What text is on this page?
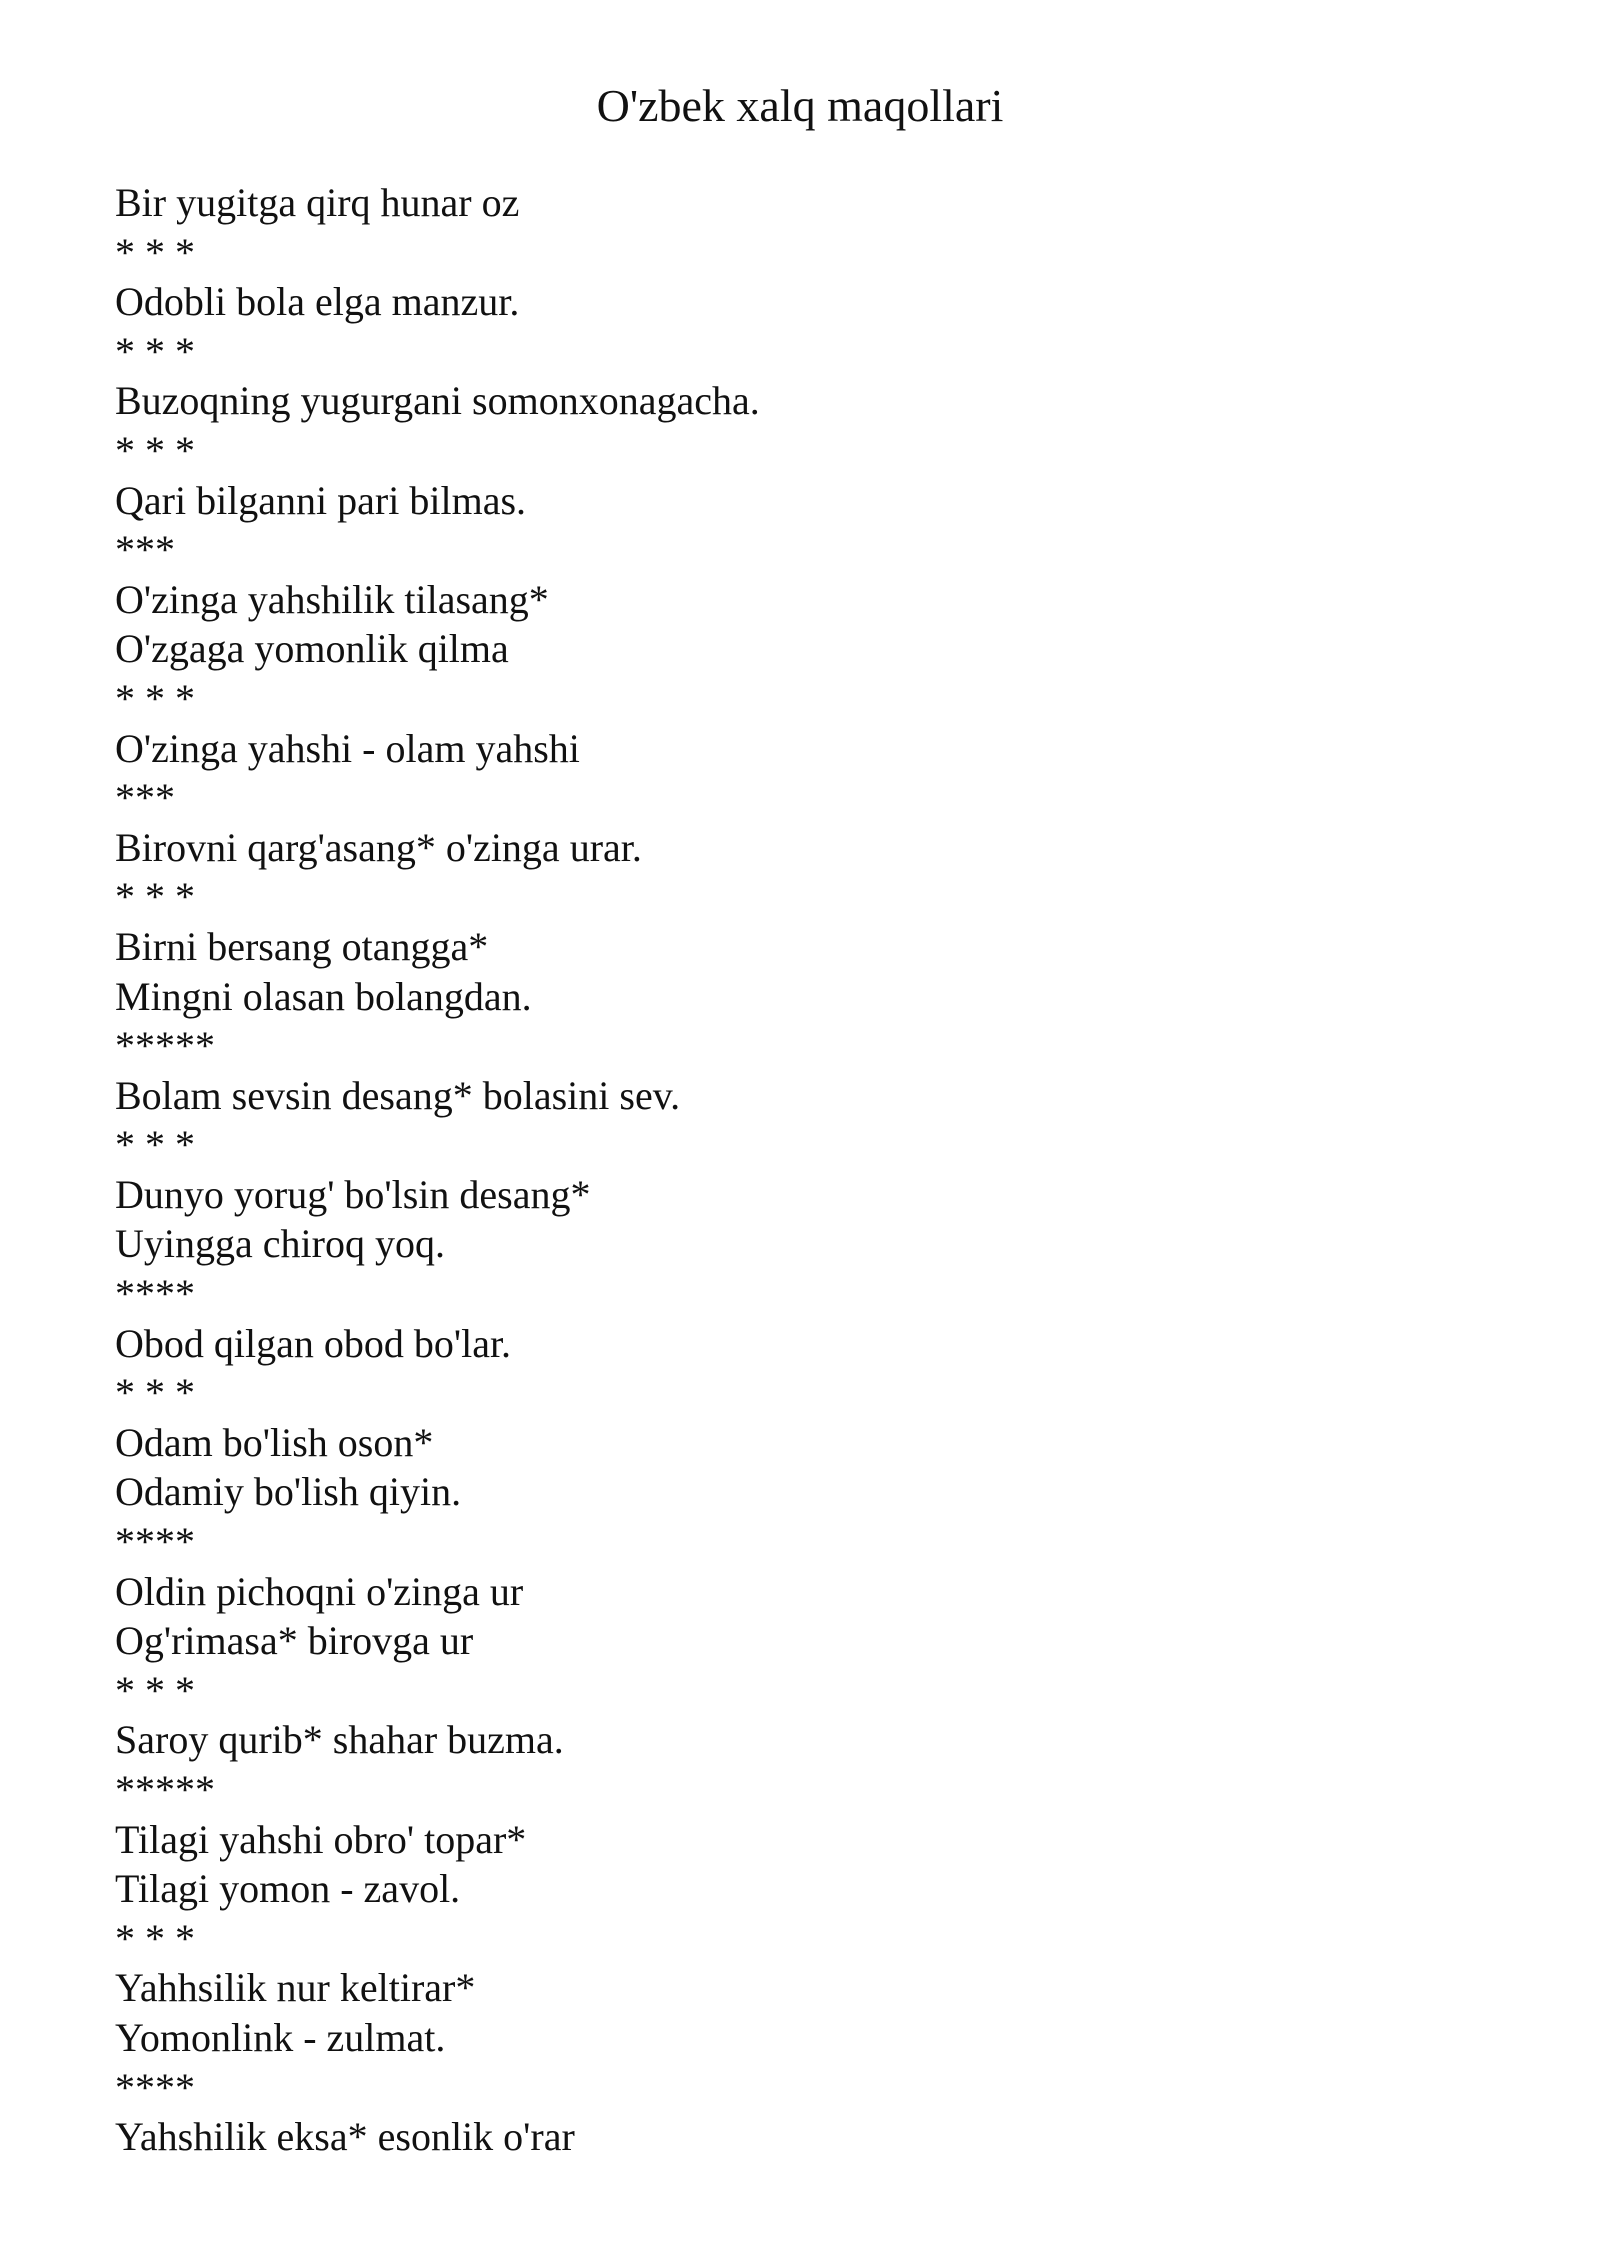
O'zbek xalq maqollari
Bir yugitga qirq hunar oz
* * *
Odobli bola elga manzur.
* * *
Buzoqning yugurgani somonxonagacha.
* * *
Qari bilganni pari bilmas.
***
O'zinga yahshilik tilasang*
O'zgaga yomonlik qilma
* * *
O'zinga yahshi - olam yahshi
***
Birovni qarg'asang* o'zinga urar.
* * *
Birni bersang otangga*
Mingni olasan bolangdan.
*****
Bolam sevsin desang* bolasini sev.
* * *
Dunyo yorug' bo'lsin desang*
Uyingga chiroq yoq.
****
Obod qilgan obod bo'lar.
* * *
Odam bo'lish oson*
Odamiy bo'lish qiyin.
****
Oldin pichoqni o'zinga ur
Og'rimasa* birovga ur
* * *
Saroy qurib* shahar buzma.
*****
Tilagi yahshi obro' topar*
Tilagi yomon - zavol.
* * *
Yahhsilik nur keltirar*
Yomonlink - zulmat.
****
Yahshilik eksa* esonlik o'rar
